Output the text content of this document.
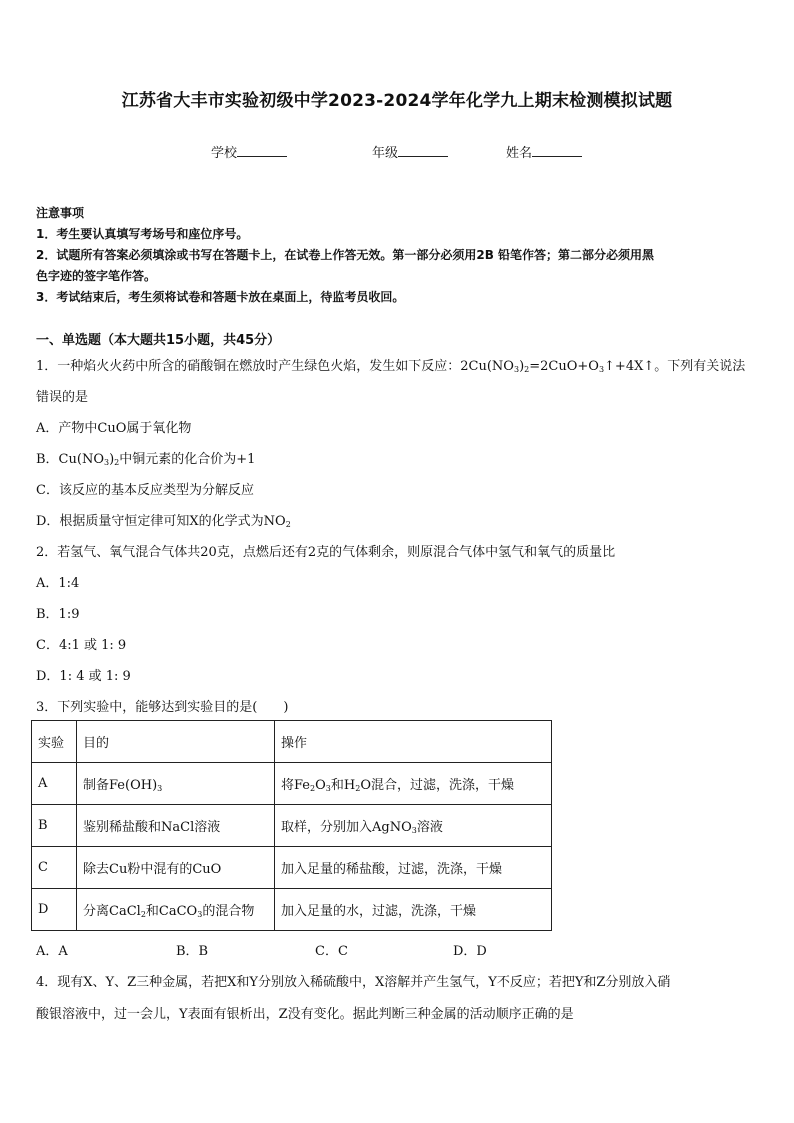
江苏省大丰市实验初级中学2023-2024学年化学九上期末检测模拟试题
学校	年级	姓名
注意事项
1．考生要认真填写考场号和座位序号。
2．试题所有答案必须填涂或书写在答题卡上，在试卷上作答无效。第一部分必须用2B 铅笔作答；第二部分必须用黑
色字迹的签字笔作答。
3．考试结束后，考生须将试卷和答题卡放在桌面上，待监考员收回。
一、单选题（本大题共15小题，共45分）
1．一种焰火火药中所含的硝酸铜在燃放时产生绿色火焰，发生如下反应：$2Cu(NO_3)_2=2CuO+O_3↑+4X↑$。下列有关说法
错误的是
A．产物中CuO属于氧化物
B．$Cu(NO_3)_2$中铜元素的化合价为+1
C．该反应的基本反应类型为分解反应
D．根据质量守恒定律可知X的化学式为$NO_2$
2．若氢气、氧气混合气体共20克，点燃后还有2克的气体剩余，则原混合气体中氢气和氧气的质量比
A．1:4
B．1:9
C．4:1 或 1: 9
D．1: 4 或 1: 9
3．下列实验中，能够达到实验目的是(　　)
实验	目的	操作
A	制备$Fe(OH)_3$	将$Fe_2O_3$和$H_2O$混合，过滤，洗涤，干燥
B	鉴别稀盐酸和NaCl溶液	取样，分别加入AgNO$_3$溶液
C	除去Cu粉中混有的CuO	加入足量的稀盐酸，过滤，洗涤，干燥
D	分离CaCl$_2$和CaCO$_3$的混合物	加入足量的水，过滤，洗涤，干燥
A．A	B．B	C．C	D．D
4．现有X、Y、Z三种金属，若把X和Y分别放入稀硫酸中，X溶解并产生氢气，Y不反应；若把Y和Z分别放入硝
酸银溶液中，过一会儿，Y表面有银析出，Z没有变化。据此判断三种金属的活动顺序正确的是
